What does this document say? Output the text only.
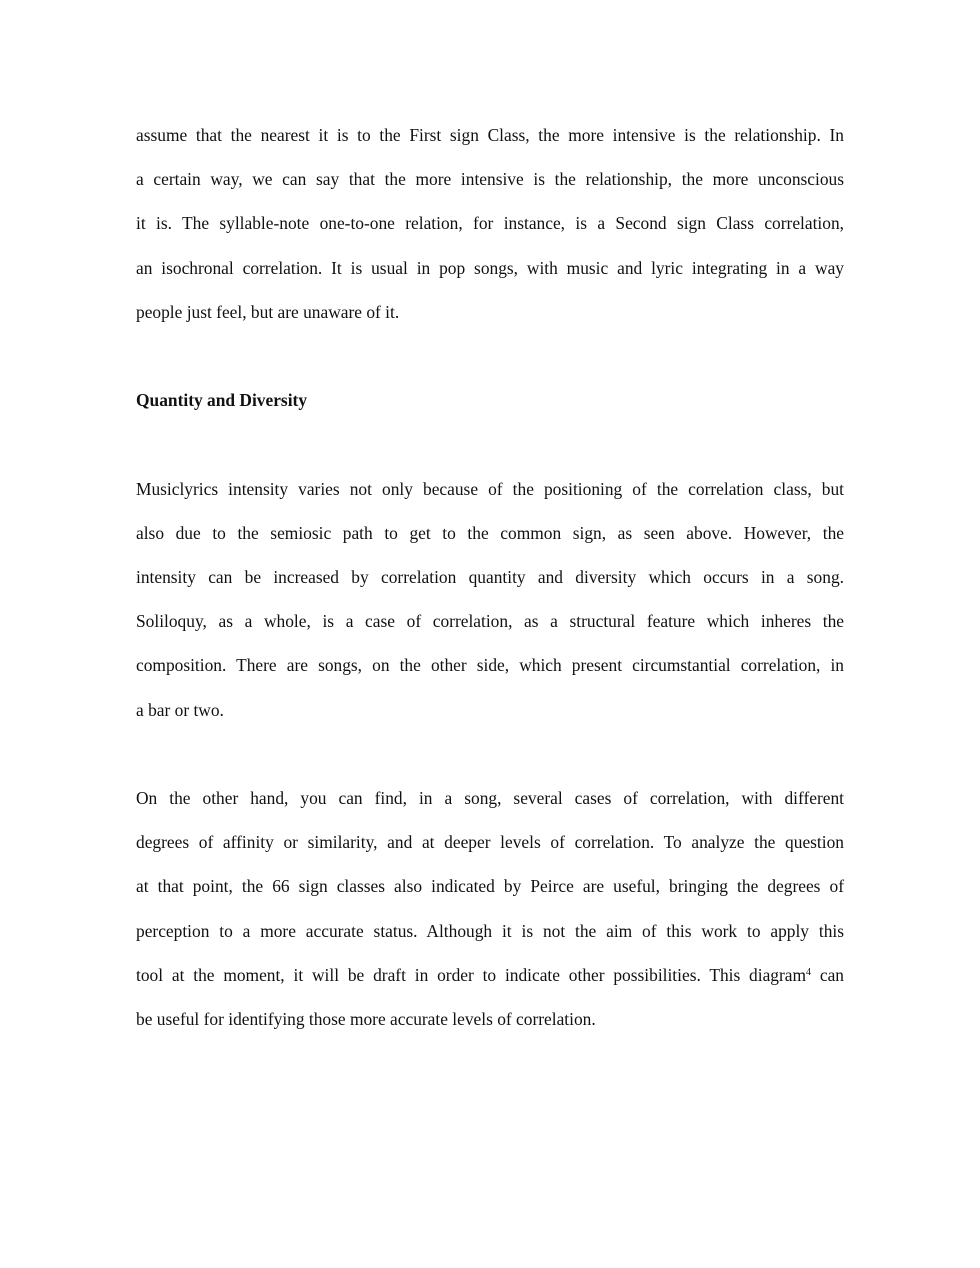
assume that the nearest it is to the First sign Class, the more intensive is the relationship. In
a certain way, we can say that the more intensive is the relationship, the more unconscious
it is. The syllable-note one-to-one relation, for instance, is a Second sign Class correlation,
an isochronal correlation. It is usual in pop songs, with music and lyric integrating in a way
people just feel, but are unaware of it.

Quantity and Diversity

Musiclyrics intensity varies not only because of the positioning of the correlation class, but
also due to the semiosic path to get to the common sign, as seen above. However, the
intensity can be increased by correlation quantity and diversity which occurs in a song.
Soliloquy, as a whole, is a case of correlation, as a structural feature which inheres the
composition. There are songs, on the other side, which present circumstantial correlation, in
a bar or two.

On the other hand, you can find, in a song, several cases of correlation, with different
degrees of affinity or similarity, and at deeper levels of correlation. To analyze the question
at that point, the 66 sign classes also indicated by Peirce are useful, bringing the degrees of
perception to a more accurate status. Although it is not the aim of this work to apply this
tool at the moment, it will be draft in order to indicate other possibilities. This diagram$^4$ can
be useful for identifying those more accurate levels of correlation.
